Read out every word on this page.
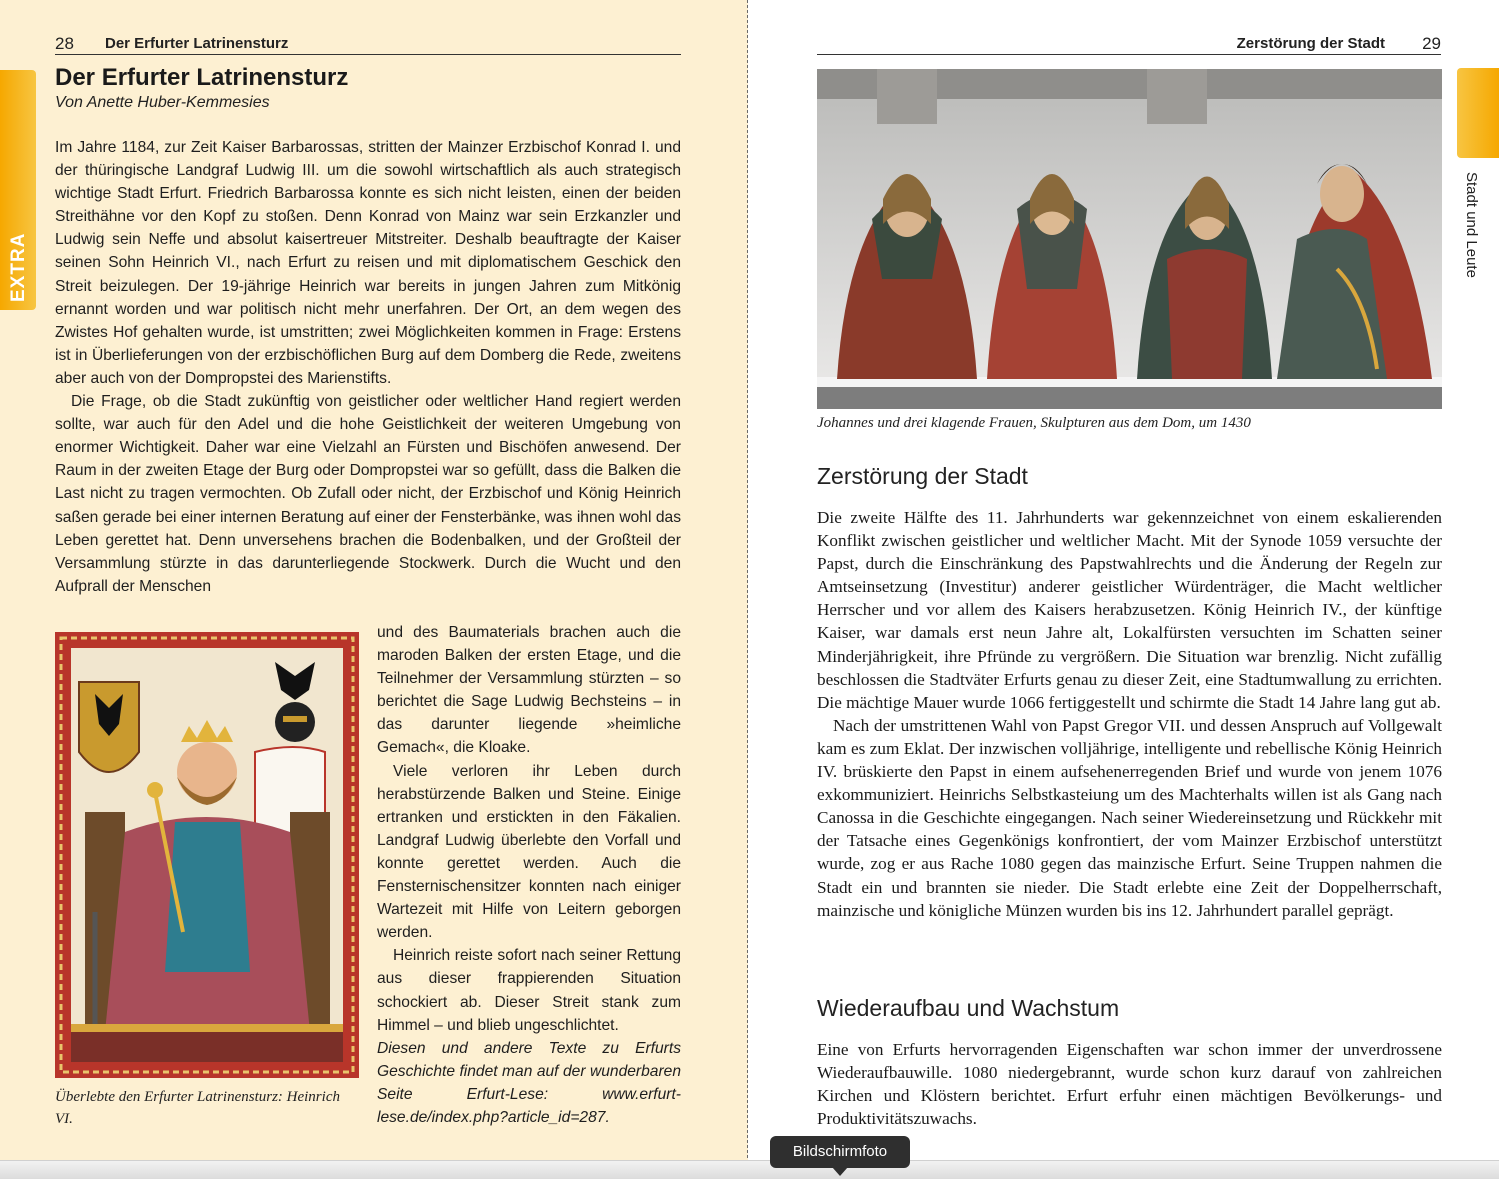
28 Der Erfurter Latrinensturz
EXTRA
Der Erfurter Latrinensturz
Von Anette Huber-Kemmesies

Im Jahre 1184, zur Zeit Kaiser Barbarossas, stritten der Mainzer Erzbischof Konrad I. und der thüringische Landgraf Ludwig III. um die sowohl wirtschaftlich als auch strategisch wichtige Stadt Erfurt. Friedrich Barbarossa konnte es sich nicht leisten, einen der beiden Streithähne vor den Kopf zu stoßen. Denn Konrad von Mainz war sein Erzkanzler und Ludwig sein Neffe und absolut kaisertreuer Mitstreiter. Deshalb beauftragte der Kaiser seinen Sohn Heinrich VI., nach Erfurt zu reisen und mit diplomatischem Geschick den Streit beizulegen. Der 19-jährige Heinrich war bereits in jungen Jahren zum Mitkönig ernannt worden und war politisch nicht mehr unerfahren. Der Ort, an dem wegen des Zwistes Hof gehalten wurde, ist umstritten; zwei Möglichkeiten kommen in Frage: Erstens ist in Überlieferungen von der erzbischöflichen Burg auf dem Domberg die Rede, zweitens aber auch von der Dompropstei des Marienstifts.

Die Frage, ob die Stadt zukünftig von geistlicher oder weltlicher Hand regiert werden sollte, war auch für den Adel und die hohe Geistlichkeit der weiteren Umgebung von enormer Wichtigkeit. Daher war eine Vielzahl an Fürsten und Bischöfen anwesend. Der Raum in der zweiten Etage der Burg oder Dompropstei war so gefüllt, dass die Balken die Last nicht zu tragen vermochten. Ob Zufall oder nicht, der Erzbischof und König Heinrich saßen gerade bei einer internen Beratung auf einer der Fensterbänke, was ihnen wohl das Leben gerettet hat. Denn unversehens brachen die Bodenbalken, und der Großteil der Versammlung stürzte in das darunterliegende Stockwerk. Durch die Wucht und den Aufprall der Menschen

Überlebte den Erfurter Latrinensturz: Heinrich VI.

und des Baumaterials brachen auch die maroden Balken der ersten Etage, und die Teilnehmer der Versammlung stürzten – so berichtet die Sage Ludwig Bechsteins – in das darunter liegende »heimliche Gemach«, die Kloake.

Viele verloren ihr Leben durch herabstürzende Balken und Steine. Einige ertranken und erstickten in den Fäkalien. Landgraf Ludwig überlebte den Vorfall und konnte gerettet werden. Auch die Fensternischensitzer konnten nach einiger Wartezeit mit Hilfe von Leitern geborgen werden.

Heinrich reiste sofort nach seiner Rettung aus dieser frappierenden Situation schockiert ab. Dieser Streit stank zum Himmel – und blieb ungeschlichtet.

Diesen und andere Texte zu Erfurts Geschichte findet man auf der wunderbaren Seite Erfurt-Lese: www.erfurt-lese.de/index.php?article_id=287.

Zerstörung der Stadt 29
Stadt und Leute
Johannes und drei klagende Frauen, Skulpturen aus dem Dom, um 1430
Zerstörung der Stadt

Die zweite Hälfte des 11. Jahrhunderts war gekennzeichnet von einem eskalierenden Konflikt zwischen geistlicher und weltlicher Macht. Mit der Synode 1059 versuchte der Papst, durch die Einschränkung des Papstwahlrechts und die Änderung der Regeln zur Amtseinsetzung (Investitur) anderer geistlicher Würdenträger, die Macht weltlicher Herrscher und vor allem des Kaisers herabzusetzen. König Heinrich IV., der künftige Kaiser, war damals erst neun Jahre alt, Lokalfürsten versuchten im Schatten seiner Minderjährigkeit, ihre Pfründe zu vergrößern. Die Situation war brenzlig. Nicht zufällig beschlossen die Stadtväter Erfurts genau zu dieser Zeit, eine Stadtumwallung zu errichten. Die mächtige Mauer wurde 1066 fertiggestellt und schirmte die Stadt 14 Jahre lang gut ab.

Nach der umstrittenen Wahl von Papst Gregor VII. und dessen Anspruch auf Vollgewalt kam es zum Eklat. Der inzwischen volljährige, intelligente und rebellische König Heinrich IV. brüskierte den Papst in einem aufsehenerregenden Brief und wurde von jenem 1076 exkommuniziert. Heinrichs Selbstkasteiung um des Machterhalts willen ist als Gang nach Canossa in die Geschichte eingegangen. Nach seiner Wiedereinsetzung und Rückkehr mit der Tatsache eines Gegenkönigs konfrontiert, der vom Mainzer Erzbischof unterstützt wurde, zog er aus Rache 1080 gegen das mainzische Erfurt. Seine Truppen nahmen die Stadt ein und brannten sie nieder. Die Stadt erlebte eine Zeit der Doppelherrschaft, mainzische und königliche Münzen wurden bis ins 12. Jahrhundert parallel geprägt.

Wiederaufbau und Wachstum

Eine von Erfurts hervorragenden Eigenschaften war schon immer der unverdrossene Wiederaufbauwille. 1080 niedergebrannt, wurde schon kurz darauf von zahlreichen Kirchen und Klöstern berichtet. Erfurt erfuhr einen mächtigen Bevölkerungs- und Produktivitätszuwachs.

Bildschirmfoto
